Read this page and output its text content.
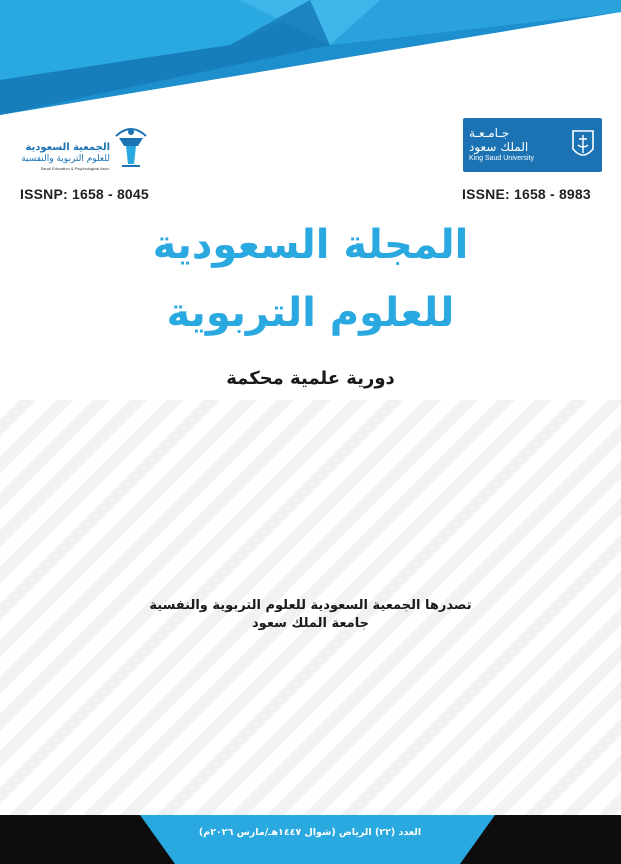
جـامـعـة
الملك سعود
King Saud University
الجمعية السعودية
للعلوم التربوية والنفسية
Saudi Education & Psychological Assn.
ISSNP: 1658 - 8045	ISSNE: 1658 - 8983
المجلة السعودية
للعلوم التربوية
دورية علمية محكمة
تصدرها الجمعية السعودية للعلوم التربوية والنفسية
جامعة الملك سعود
العدد (٢٢) الرياض (شوال ١٤٤٧هـ/مارس ٢٠٢٦م)
